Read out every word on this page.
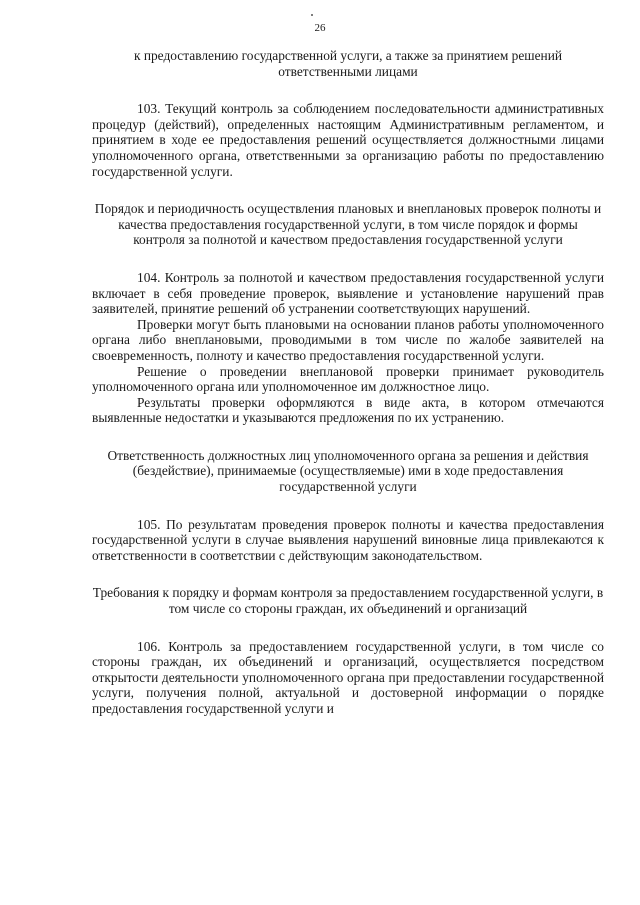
26

к предоставлению государственной услуги, а также за принятием решений ответственными лицами

103. Текущий контроль за соблюдением последовательности административных процедур (действий), определенных настоящим Административным регламентом, и принятием в ходе ее предоставления решений осуществляется должностными лицами уполномоченного органа, ответственными за организацию работы по предоставлению государственной услуги.

Порядок и периодичность осуществления плановых и внеплановых проверок полноты и качества предоставления государственной услуги, в том числе порядок и формы контроля за полнотой и качеством предоставления государственной услуги

104. Контроль за полнотой и качеством предоставления государственной услуги включает в себя проведение проверок, выявление и установление нарушений прав заявителей, принятие решений об устранении соответствующих нарушений.

Проверки могут быть плановыми на основании планов работы уполномоченного органа либо внеплановыми, проводимыми в том числе по жалобе заявителей на своевременность, полноту и качество предоставления государственной услуги.

Решение о проведении внеплановой проверки принимает руководитель уполномоченного органа или уполномоченное им должностное лицо.

Результаты проверки оформляются в виде акта, в котором отмечаются выявленные недостатки и указываются предложения по их устранению.

Ответственность должностных лиц уполномоченного органа за решения и действия (бездействие), принимаемые (осуществляемые) ими в ходе предоставления государственной услуги

105. По результатам проведения проверок полноты и качества предоставления государственной услуги в случае выявления нарушений виновные лица привлекаются к ответственности в соответствии с действующим законодательством.

Требования к порядку и формам контроля за предоставлением государственной услуги, в том числе со стороны граждан, их объединений и организаций

106. Контроль за предоставлением государственной услуги, в том числе со стороны граждан, их объединений и организаций, осуществляется посредством открытости деятельности уполномоченного органа при предоставлении государственной услуги, получения полной, актуальной и достоверной информации о порядке предоставления государственной услуги и
